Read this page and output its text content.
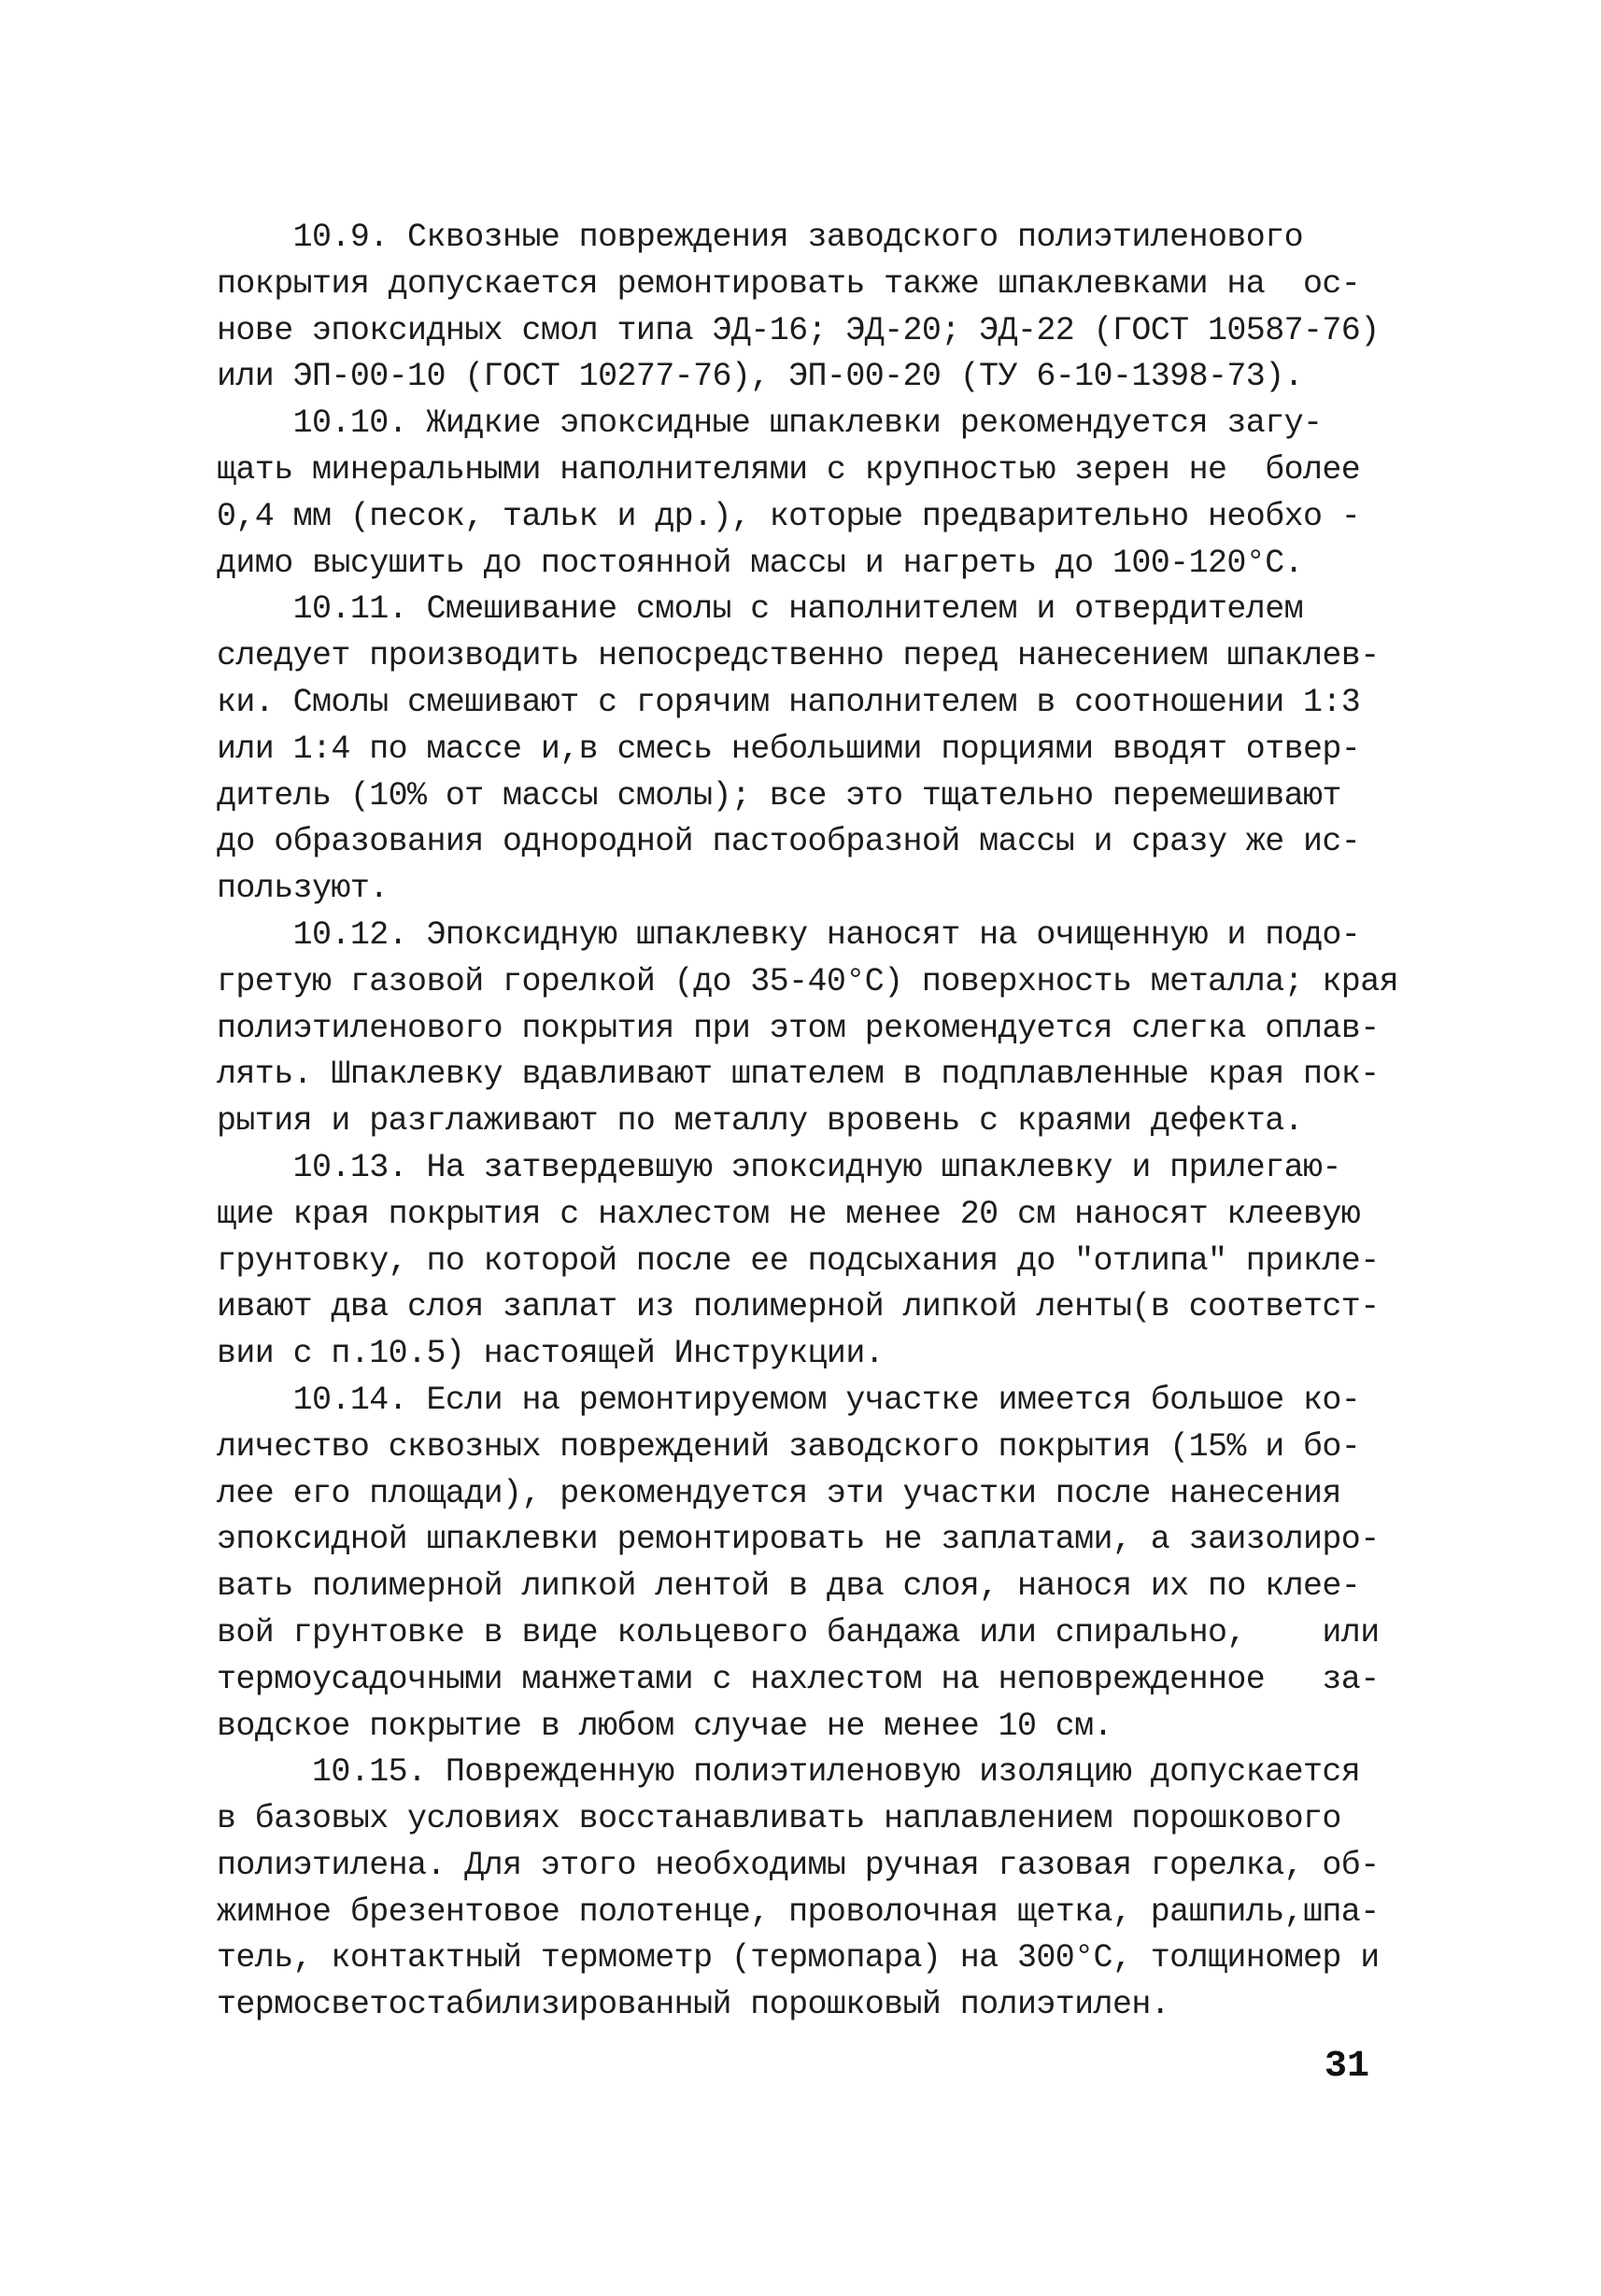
10.9. Сквозные повреждения заводского полиэтиленового
покрытия допускается ремонтировать также шпаклевками на  ос-
нове эпоксидных смол типа ЭД-16; ЭД-20; ЭД-22 (ГОСТ 10587-76)
или ЭП-00-10 (ГОСТ 10277-76), ЭП-00-20 (ТУ 6-10-1398-73).
10.10. Жидкие эпоксидные шпаклевки рекомендуется загу-
щать минеральными наполнителями с крупностью зерен не  более
0,4 мм (песок, тальк и др.), которые предварительно необхо -
димо высушить до постоянной массы и нагреть до 100-120°С.
10.11. Смешивание смолы с наполнителем и отвердителем
следует производить непосредственно перед нанесением шпаклев-
ки. Смолы смешивают с горячим наполнителем в соотношении 1:3
или 1:4 по массе и,в смесь небольшими порциями вводят отвер-
дитель (10% от массы смолы); все это тщательно перемешивают
до образования однородной пастообразной массы и сразу же ис-
пользуют.
10.12. Эпоксидную шпаклевку наносят на очищенную и подо-
гретую газовой горелкой (до 35-40°С) поверхность металла; края
полиэтиленового покрытия при этом рекомендуется слегка оплав-
лять. Шпаклевку вдавливают шпателем в подплавленные края пок-
рытия и разглаживают по металлу вровень с краями дефекта.
10.13. На затвердевшую эпоксидную шпаклевку и прилегаю-
щие края покрытия с нахлестом не менее 20 см наносят клеевую
грунтовку, по которой после ее подсыхания до "отлипа" прикле-
ивают два слоя заплат из полимерной липкой ленты(в соответст-
вии с п.10.5) настоящей Инструкции.
10.14. Если на ремонтируемом участке имеется большое ко-
личество сквозных повреждений заводского покрытия (15% и бо-
лее его площади), рекомендуется эти участки после нанесения
эпоксидной шпаклевки ремонтировать не заплатами, а заизолиро-
вать полимерной липкой лентой в два слоя, нанося их по клее-
вой грунтовке в виде кольцевого бандажа или спирально,    или
термоусадочными манжетами с нахлестом на неповрежденное   за-
водское покрытие в любом случае не менее 10 см.
10.15. Поврежденную полиэтиленовую изоляцию допускается
в базовых условиях восстанавливать наплавлением порошкового
полиэтилена. Для этого необходимы ручная газовая горелка, об-
жимное брезентовое полотенце, проволочная щетка, рашпиль,шпа-
тель, контактный термометр (термопара) на 300°С, толщиномер и
термосветостабилизированный порошковый полиэтилен.
31
